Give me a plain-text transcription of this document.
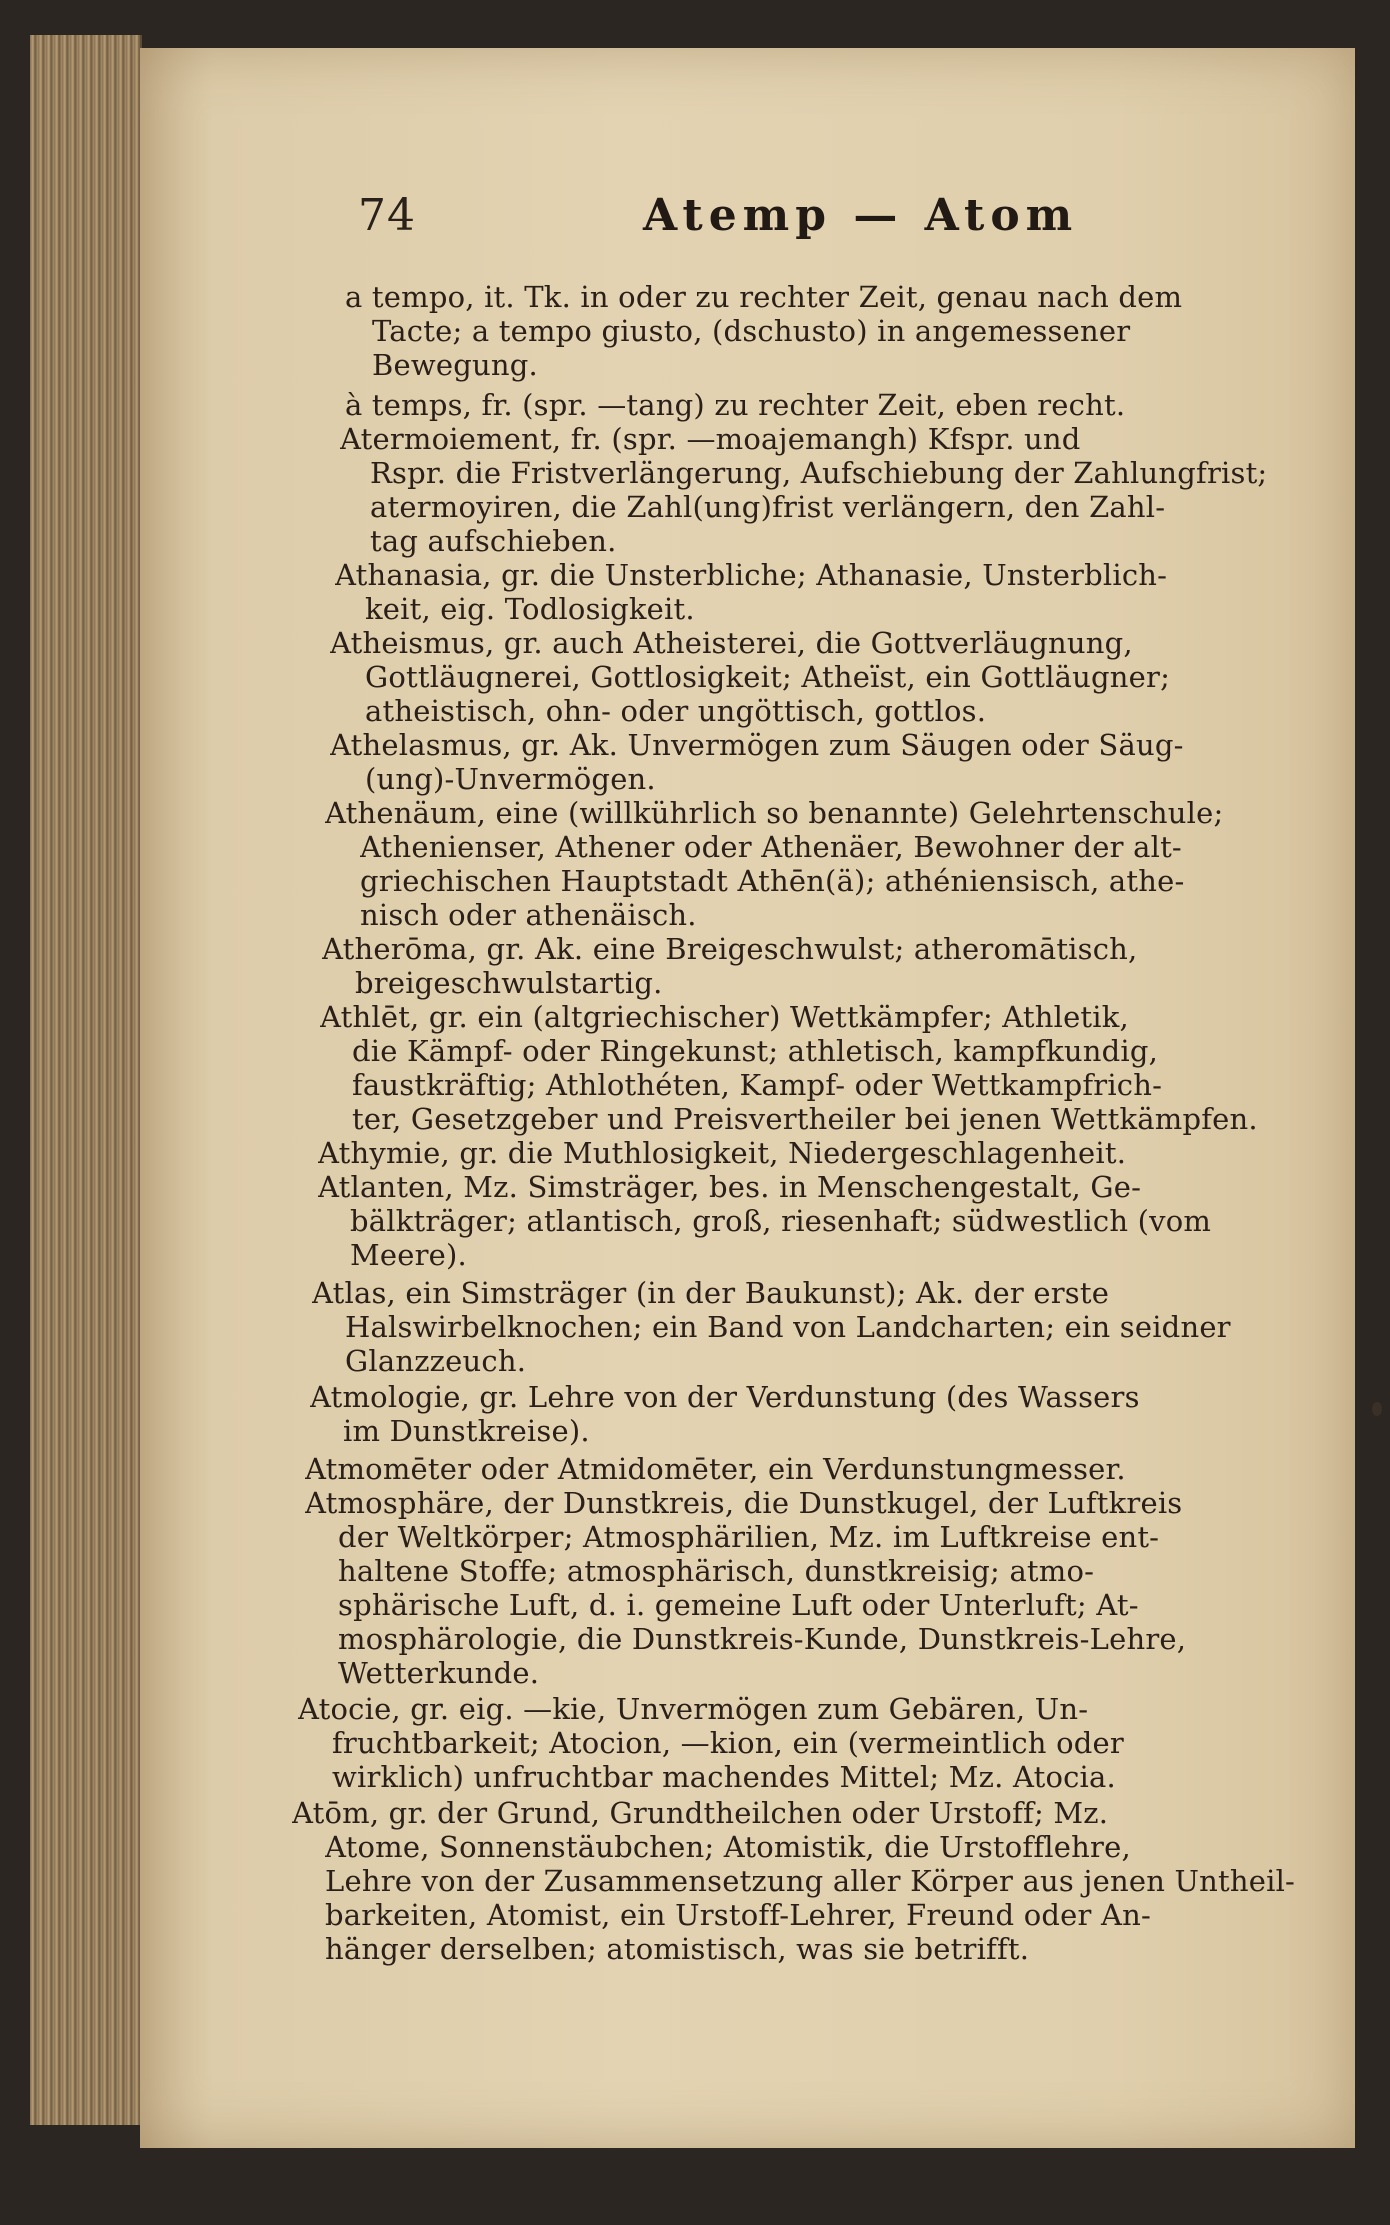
74	Atemp — Atom
a tempo, it. Tk. in oder zu rechter Zeit, genau nach dem
Tacte; a tempo giusto, (dschusto) in angemessener
Bewegung.
à temps, fr. (spr. —tang) zu rechter Zeit, eben recht.
Atermoiement, fr. (spr. —moajemangh) Kfspr. und
Rspr. die Fristverlängerung, Aufschiebung der Zahlungfrist;
atermoyiren, die Zahl(ung)frist verlängern, den Zahl-
tag aufschieben.
Athanasia, gr. die Unsterbliche; Athanasie, Unsterblich-
keit, eig. Todlosigkeit.
Atheismus, gr. auch Atheisterei, die Gottverläugnung,
Gottläugnerei, Gottlosigkeit; Atheïst, ein Gottläugner;
atheistisch, ohn- oder ungöttisch, gottlos.
Athelasmus, gr. Ak. Unvermögen zum Säugen oder Säug-
(ung)-Unvermögen.
Athenäum, eine (willkührlich so benannte) Gelehrtenschule;
Athenienser, Athener oder Athenäer, Bewohner der alt-
griechischen Hauptstadt Athēn(ä); athéniensisch, athe-
nisch oder athenäisch.
Atherōma, gr. Ak. eine Breigeschwulst; atheromātisch,
breigeschwulstartig.
Athlēt, gr. ein (altgriechischer) Wettkämpfer; Athletik,
die Kämpf- oder Ringekunst; athletisch, kampfkundig,
faustkräftig; Athlothéten, Kampf- oder Wettkampfrich-
ter, Gesetzgeber und Preisvertheiler bei jenen Wettkämpfen.
Athymie, gr. die Muthlosigkeit, Niedergeschlagenheit.
Atlanten, Mz. Simsträger, bes. in Menschengestalt, Ge-
bälkträger; atlantisch, groß, riesenhaft; südwestlich (vom
Meere).
Atlas, ein Simsträger (in der Baukunst); Ak. der erste
Halswirbelknochen; ein Band von Landcharten; ein seidner
Glanzzeuch.
Atmologie, gr. Lehre von der Verdunstung (des Wassers
im Dunstkreise).
Atmomēter oder Atmidomēter, ein Verdunstungmesser.
Atmosphäre, der Dunstkreis, die Dunstkugel, der Luftkreis
der Weltkörper; Atmosphärilien, Mz. im Luftkreise ent-
haltene Stoffe; atmosphärisch, dunstkreisig; atmo-
sphärische Luft, d. i. gemeine Luft oder Unterluft; At-
mosphärologie, die Dunstkreis-Kunde, Dunstkreis-Lehre,
Wetterkunde.
Atocie, gr. eig. —kie, Unvermögen zum Gebären, Un-
fruchtbarkeit; Atocion, —kion, ein (vermeintlich oder
wirklich) unfruchtbar machendes Mittel; Mz. Atocia.
Atōm, gr. der Grund, Grundtheilchen oder Urstoff; Mz.
Atome, Sonnenstäubchen; Atomistik, die Urstofflehre,
Lehre von der Zusammensetzung aller Körper aus jenen Untheil-
barkeiten, Atomist, ein Urstoff-Lehrer, Freund oder An-
hänger derselben; atomistisch, was sie betrifft.
